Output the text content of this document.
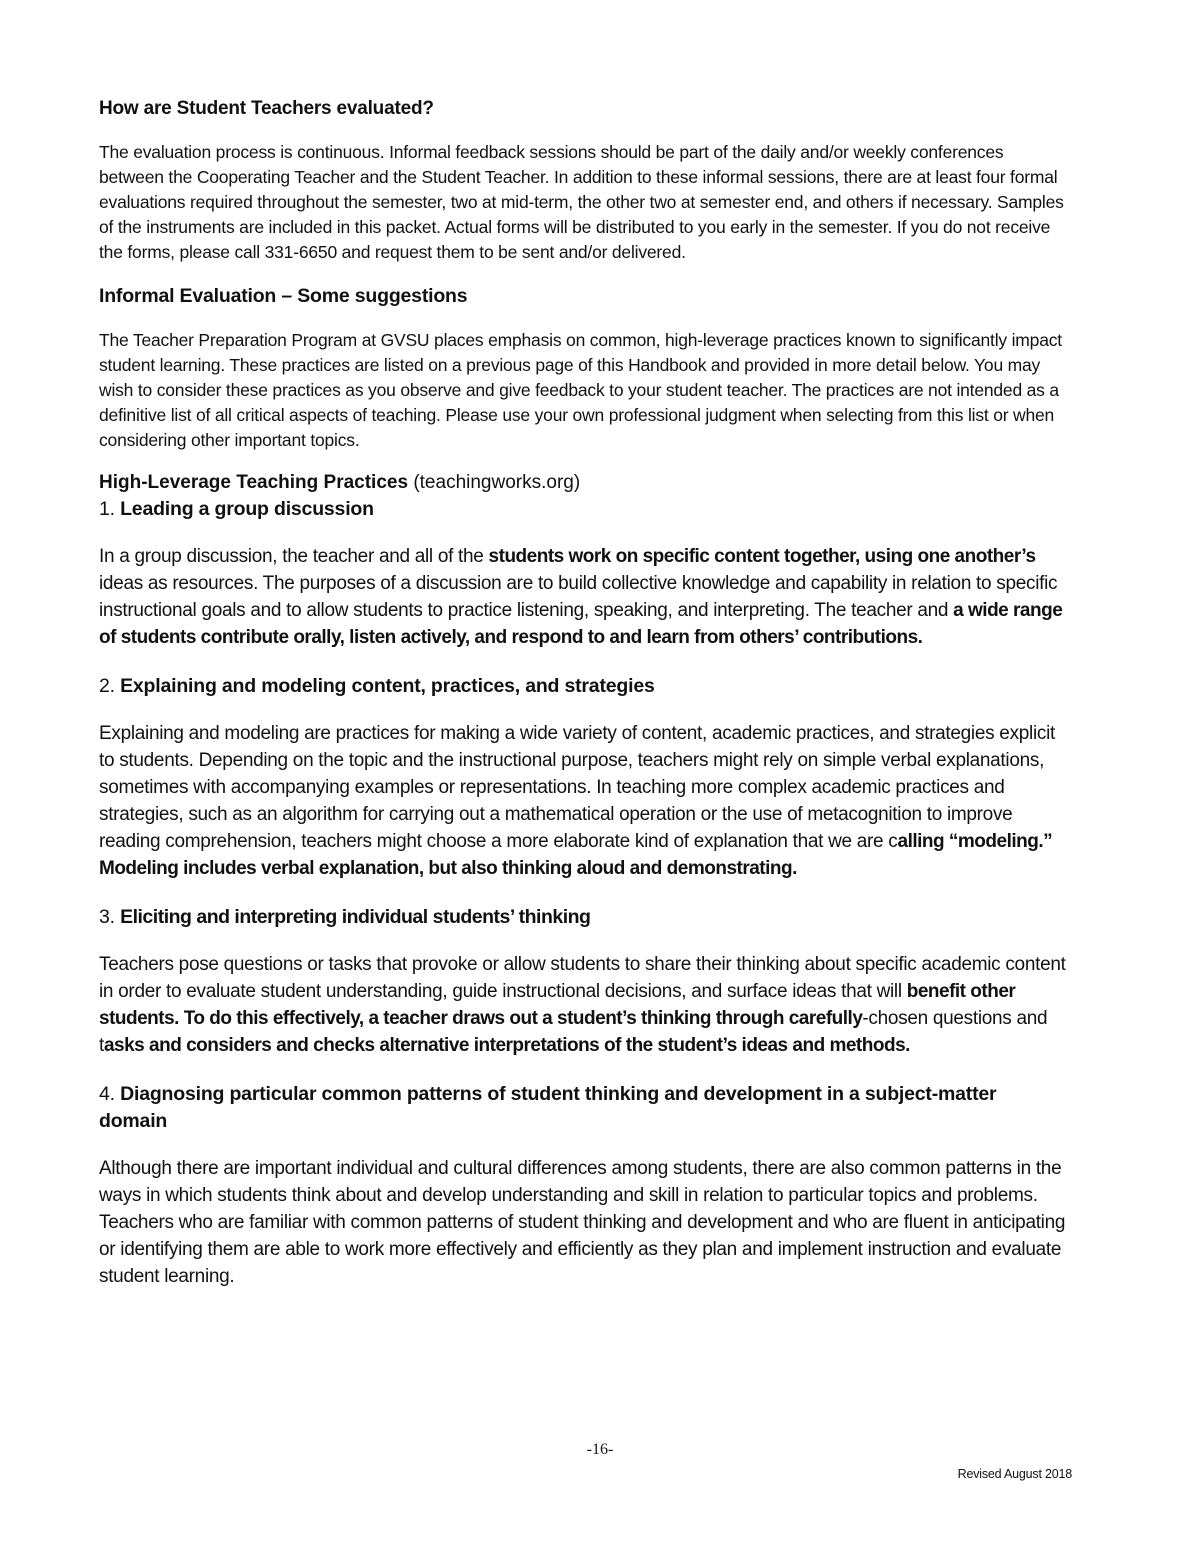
How are Student Teachers evaluated?

The evaluation process is continuous. Informal feedback sessions should be part of the daily and/or weekly conferences between the Cooperating Teacher and the Student Teacher. In addition to these informal sessions, there are at least four formal evaluations required throughout the semester, two at mid-term, the other two at semester end, and others if necessary. Samples of the instruments are included in this packet. Actual forms will be distributed to you early in the semester. If you do not receive the forms, please call 331-6650 and request them to be sent and/or delivered.

Informal Evaluation – Some suggestions

The Teacher Preparation Program at GVSU places emphasis on common, high-leverage practices known to significantly impact student learning. These practices are listed on a previous page of this Handbook and provided in more detail below. You may wish to consider these practices as you observe and give feedback to your student teacher. The practices are not intended as a definitive list of all critical aspects of teaching. Please use your own professional judgment when selecting from this list or when considering other important topics.

High-Leverage Teaching Practices (teachingworks.org)
1. Leading a group discussion

In a group discussion, the teacher and all of the students work on specific content together, using one another’s ideas as resources. The purposes of a discussion are to build collective knowledge and capability in relation to specific instructional goals and to allow students to practice listening, speaking, and interpreting. The teacher and a wide range of students contribute orally, listen actively, and respond to and learn from others’ contributions.

2. Explaining and modeling content, practices, and strategies

Explaining and modeling are practices for making a wide variety of content, academic practices, and strategies explicit to students. Depending on the topic and the instructional purpose, teachers might rely on simple verbal explanations, sometimes with accompanying examples or representations. In teaching more complex academic practices and strategies, such as an algorithm for carrying out a mathematical operation or the use of metacognition to improve reading comprehension, teachers might choose a more elaborate kind of explanation that we are calling “modeling.” Modeling includes verbal explanation, but also thinking aloud and demonstrating.

3. Eliciting and interpreting individual students’ thinking

Teachers pose questions or tasks that provoke or allow students to share their thinking about specific academic content in order to evaluate student understanding, guide instructional decisions, and surface ideas that will benefit other students. To do this effectively, a teacher draws out a student’s thinking through carefully-chosen questions and tasks and considers and checks alternative interpretations of the student’s ideas and methods.

4. Diagnosing particular common patterns of student thinking and development in a subject-matter domain

Although there are important individual and cultural differences among students, there are also common patterns in the ways in which students think about and develop understanding and skill in relation to particular topics and problems. Teachers who are familiar with common patterns of student thinking and development and who are fluent in anticipating or identifying them are able to work more effectively and efficiently as they plan and implement instruction and evaluate student learning.

-16-
Revised August 2018
